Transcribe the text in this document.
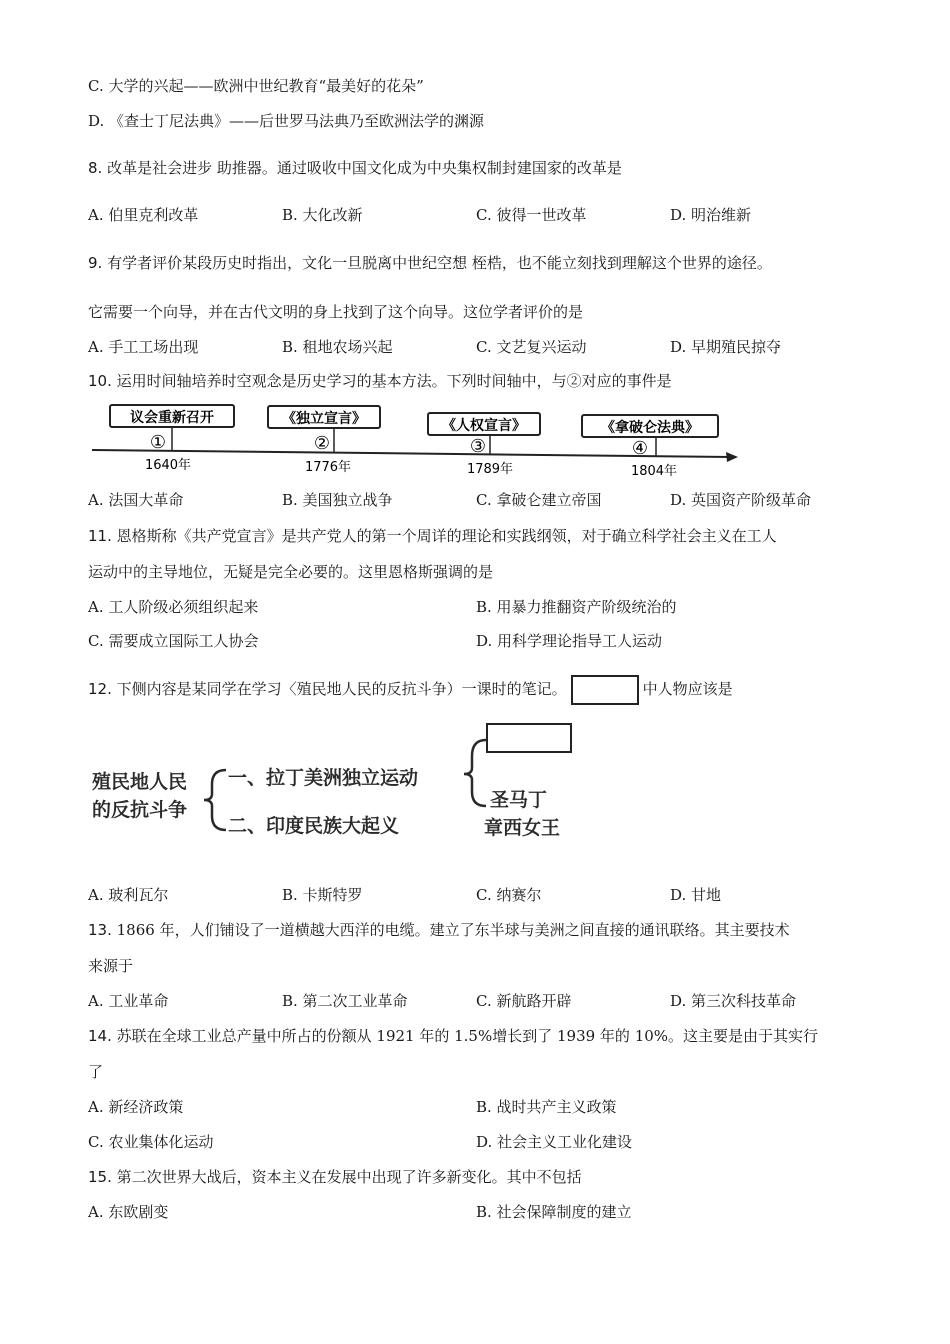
C. 大学的兴起——欧洲中世纪教育“最美好的花朵”
D. 《查士丁尼法典》——后世罗马法典乃至欧洲法学的渊源
8. 改革是社会进步 助推器。通过吸收中国文化成为中央集权制封建国家的改革是
A. 伯里克利改革	B. 大化改新	C. 彼得一世改革	D. 明治维新
9. 有学者评价某段历史时指出，文化一旦脱离中世纪空想 桎梏，也不能立刻找到理解这个世界的途径。
它需要一个向导，并在古代文明的身上找到了这个向导。这位学者评价的是
A. 手工工场出现	B. 租地农场兴起	C. 文艺复兴运动	D. 早期殖民掠夺
10. 运用时间轴培养时空观念是历史学习的基本方法。下列时间轴中，与②对应的事件是
议会重新召开
①
1640年
《独立宣言》
②
1776年
《人权宣言》
③
1789年
《拿破仑法典》
④
1804年
A. 法国大革命	B. 美国独立战争	C. 拿破仑建立帝国	D. 英国资产阶级革命
11. 恩格斯称《共产党宣言》是共产党人的第一个周详的理论和实践纲领，对于确立科学社会主义在工人
运动中的主导地位，无疑是完全必要的。这里恩格斯强调的是
A. 工人阶级必须组织起来	B. 用暴力推翻资产阶级统治的
C. 需要成立国际工人协会	D. 用科学理论指导工人运动
12. 下侧内容是某同学在学习〈殖民地人民的反抗斗争）一课时的笔记。	中人物应该是
殖民地人民
的反抗斗争
一、拉丁美洲独立运动
二、印度民族大起义
圣马丁
章西女王
A. 玻利瓦尔	B. 卡斯特罗	C. 纳赛尔	D. 甘地
13. 1866 年，人们铺设了一道横越大西洋的电缆。建立了东半球与美洲之间直接的通讯联络。其主要技术
来源于
A. 工业革命	B. 第二次工业革命	C. 新航路开辟	D. 第三次科技革命
14. 苏联在全球工业总产量中所占的份额从 1921 年的 1.5%增长到了 1939 年的 10%。这主要是由于其实行
了
A. 新经济政策	B. 战时共产主义政策
C. 农业集体化运动	D. 社会主义工业化建设
15. 第二次世界大战后，资本主义在发展中出现了许多新变化。其中不包括
A. 东欧剧变	B. 社会保障制度的建立
